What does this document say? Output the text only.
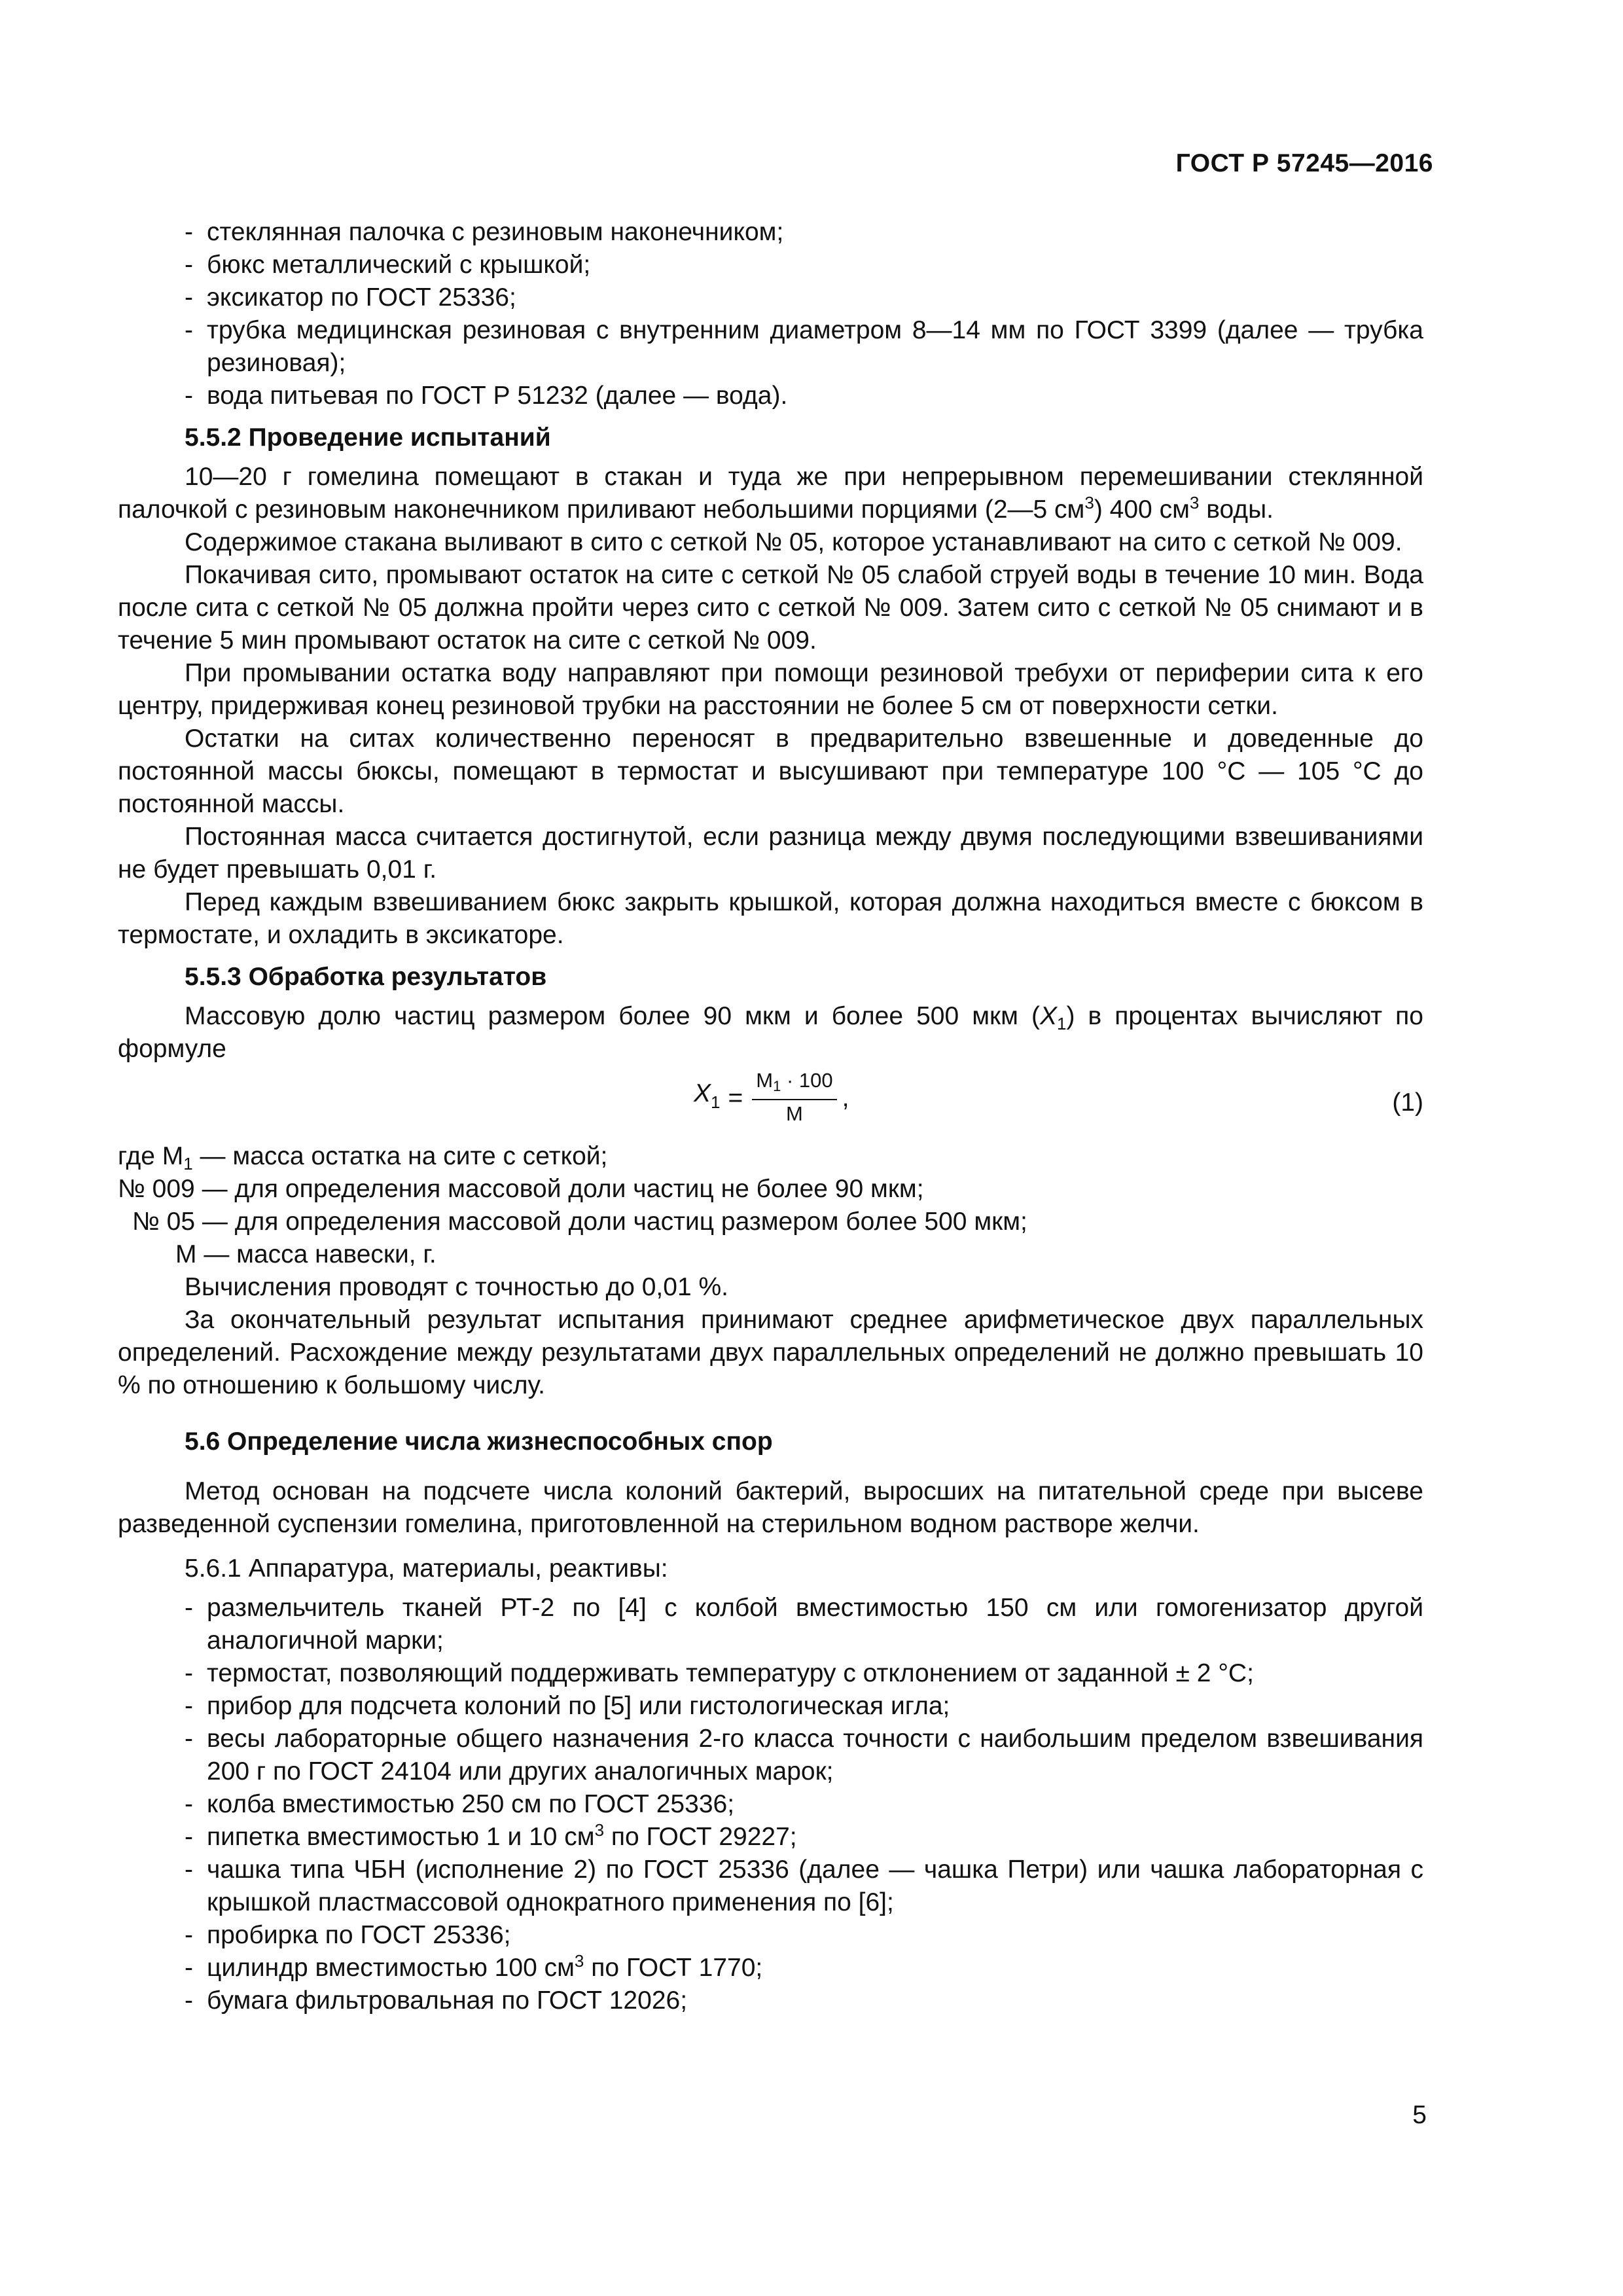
ГОСТ Р 57245—2016
- стеклянная палочка с резиновым наконечником;
- бюкс металлический с крышкой;
- эксикатор по ГОСТ 25336;
- трубка медицинская резиновая с внутренним диаметром 8—14 мм по ГОСТ 3399 (далее — трубка резиновая);
- вода питьевая по ГОСТ Р 51232 (далее — вода).

5.5.2 Проведение испытаний

10—20 г гомелина помещают в стакан и туда же при непрерывном перемешивании стеклянной палочкой с резиновым наконечником приливают небольшими порциями (2—5 $см^3$) 400 $см^3$ воды.

Содержимое стакана выливают в сито с сеткой № 05, которое устанавливают на сито с сеткой № 009.

Покачивая сито, промывают остаток на сите с сеткой № 05 слабой струей воды в течение 10 мин. Вода после сита с сеткой № 05 должна пройти через сито с сеткой № 009. Затем сито с сеткой № 05 снимают и в течение 5 мин промывают остаток на сите с сеткой № 009.

При промывании остатка воду направляют при помощи резиновой требухи от периферии сита к его центру, придерживая конец резиновой трубки на расстоянии не более 5 см от поверхности сетки.

Остатки на ситах количественно переносят в предварительно взвешенные и доведенные до постоянной массы бюксы, помещают в термостат и высушивают при температуре 100 °С — 105 °С до постоянной массы.

Постоянная масса считается достигнутой, если разница между двумя последующими взвешиваниями не будет превышать 0,01 г.

Перед каждым взвешиванием бюкс закрыть крышкой, которая должна находиться вместе с бюксом в термостате, и охладить в эксикаторе.

5.5.3 Обработка результатов

Массовую долю частиц размером более 90 мкм и более 500 мкм $(X_1)$ в процентах вычисляют по формуле

$X_1 = \frac{M1 \cdot 100}{M}$ ,	(1)

где $M_1$ — масса остатка на сите с сеткой;

№ 009 — для определения массовой доли частиц не более 90 мкм;

№ 05 — для определения массовой доли частиц размером более 500 мкм;

М — масса навески, г.

Вычисления проводят с точностью до 0,01 %.

За окончательный результат испытания принимают среднее арифметическое двух параллельных определений. Расхождение между результатами двух параллельных определений не должно превышать 10 % по отношению к большому числу.

5.6 Определение числа жизнеспособных спор

Метод основан на подсчете числа колоний бактерий, выросших на питательной среде при высеве разведенной суспензии гомелина, приготовленной на стерильном водном растворе желчи.

5.6.1 Аппаратура, материалы, реактивы:

- размельчитель тканей РТ-2 по [4] с колбой вместимостью 150 см или гомогенизатор другой аналогичной марки;
- термостат, позволяющий поддерживать температуру с отклонением от заданной ± 2 °С;
- прибор для подсчета колоний по [5] или гистологическая игла;
- весы лабораторные общего назначения 2-го класса точности с наибольшим пределом взвешивания 200 г по ГОСТ 24104 или других аналогичных марок;
- колба вместимостью 250 см по ГОСТ 25336;
- пипетка вместимостью 1 и 10 $см^3$ по ГОСТ 29227;
- чашка типа ЧБН (исполнение 2) по ГОСТ 25336 (далее — чашка Петри) или чашка лабораторная с крышкой пластмассовой однократного применения по [6];
- пробирка по ГОСТ 25336;
- цилиндр вместимостью 100 $см^3$ по ГОСТ 1770;
- бумага фильтровальная по ГОСТ 12026;
5
